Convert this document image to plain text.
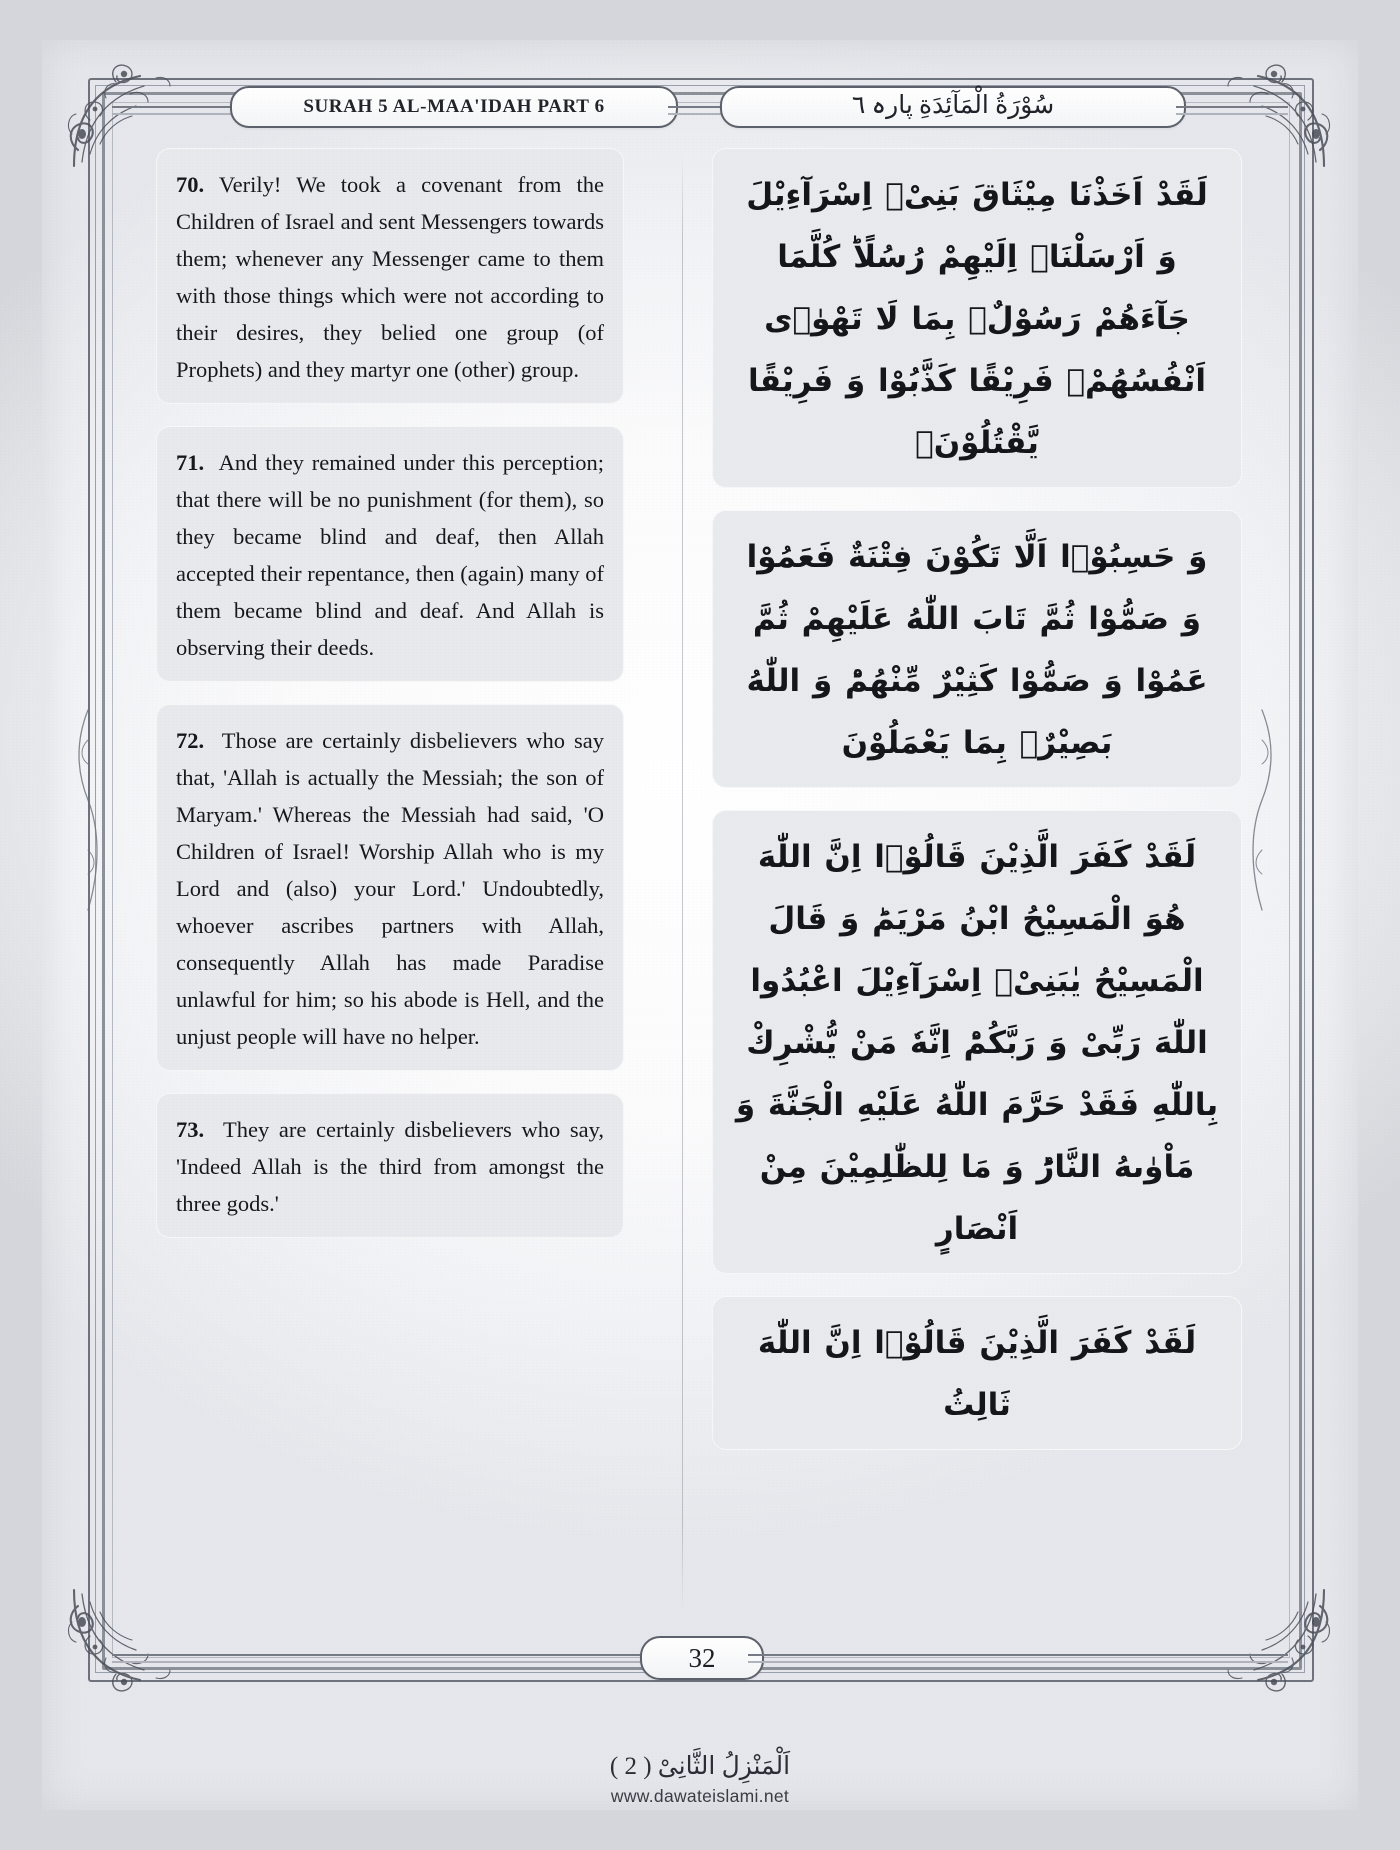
SURAH 5 AL-MAA'IDAH PART 6	سُوْرَةُ الْمَآئِدَةِ پارہ ٦
70. Verily! We took a covenant from the Children of Israel and sent Messengers towards them; whenever any Messenger came to them with those things which were not according to their desires, they belied one group (of Prophets) and they martyr one (other) group.
71. And they remained under this perception; that there will be no punishment (for them), so they became blind and deaf, then Allah accepted their repentance, then (again) many of them became blind and deaf. And Allah is observing their deeds.
72. Those are certainly disbelievers who say that, 'Allah is actually the Messiah; the son of Maryam.' Whereas the Messiah had said, 'O Children of Israel! Worship Allah who is my Lord and (also) your Lord.' Undoubtedly, whoever ascribes partners with Allah, consequently Allah has made Paradise unlawful for him; so his abode is Hell, and the unjust people will have no helper.
73. They are certainly disbelievers who say, 'Indeed Allah is the third from amongst the three gods.'
لَقَدْ اَخَذْنَا مِیْثَاقَ بَنِیْۤ اِسْرَآءِیْلَ وَ اَرْسَلْنَاۤ اِلَیْهِمْ رُسُلًاؕ كُلَّمَا جَآءَهُمْ رَسُوْلٌۢ بِمَا لَا تَهْوٰۤى اَنْفُسُهُمْۙ فَرِیْقًا كَذَّبُوْا وَ فَرِیْقًا یَّقْتُلُوْنَ۠
وَ حَسِبُوْۤا اَلَّا تَكُوْنَ فِتْنَةٌ فَعَمُوْا وَ صَمُّوْا ثُمَّ تَابَ اللّٰهُ عَلَیْهِمْ ثُمَّ عَمُوْا وَ صَمُّوْا كَثِیْرٌ مِّنْهُمْؕ وَ اللّٰهُ بَصِیْرٌۢ بِمَا یَعْمَلُوْنَ
لَقَدْ كَفَرَ الَّذِیْنَ قَالُوْۤا اِنَّ اللّٰهَ هُوَ الْمَسِیْحُ ابْنُ مَرْیَمَؕ وَ قَالَ الْمَسِیْحُ یٰبَنِیْۤ اِسْرَآءِیْلَ اعْبُدُوا اللّٰهَ رَبِّیْ وَ رَبَّكُمْؕ اِنَّهٗ مَنْ یُّشْرِكْ بِاللّٰهِ فَقَدْ حَرَّمَ اللّٰهُ عَلَیْهِ الْجَنَّةَ وَ مَاْوٰىهُ النَّارُؕ وَ مَا لِلظّٰلِمِیْنَ مِنْ اَنْصَارٍ
لَقَدْ كَفَرَ الَّذِیْنَ قَالُوْۤا اِنَّ اللّٰهَ ثَالِثُ
32
اَلْمَنْزِلُ الثَّانِیْ ( 2 )
www.dawateislami.net
